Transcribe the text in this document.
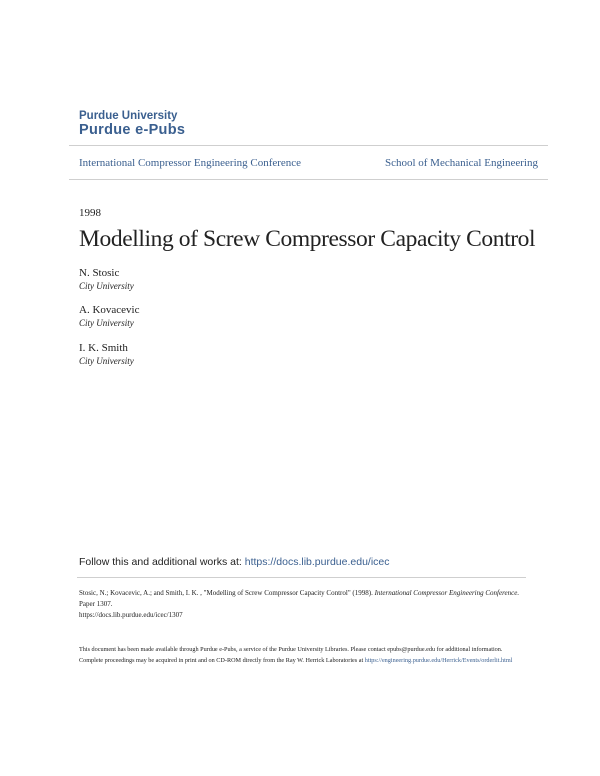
Purdue University
Purdue e-Pubs
International Compressor Engineering Conference	School of Mechanical Engineering
1998
Modelling of Screw Compressor Capacity Control
N. Stosic
City University
A. Kovacevic
City University
I. K. Smith
City University
Follow this and additional works at: https://docs.lib.purdue.edu/icec
Stosic, N.; Kovacevic, A.; and Smith, I. K. , "Modelling of Screw Compressor Capacity Control" (1998). International Compressor Engineering Conference. Paper 1307.
https://docs.lib.purdue.edu/icec/1307
This document has been made available through Purdue e-Pubs, a service of the Purdue University Libraries. Please contact epubs@purdue.edu for additional information.
Complete proceedings may be acquired in print and on CD-ROM directly from the Ray W. Herrick Laboratories at https://engineering.purdue.edu/Herrick/Events/orderlit.html
